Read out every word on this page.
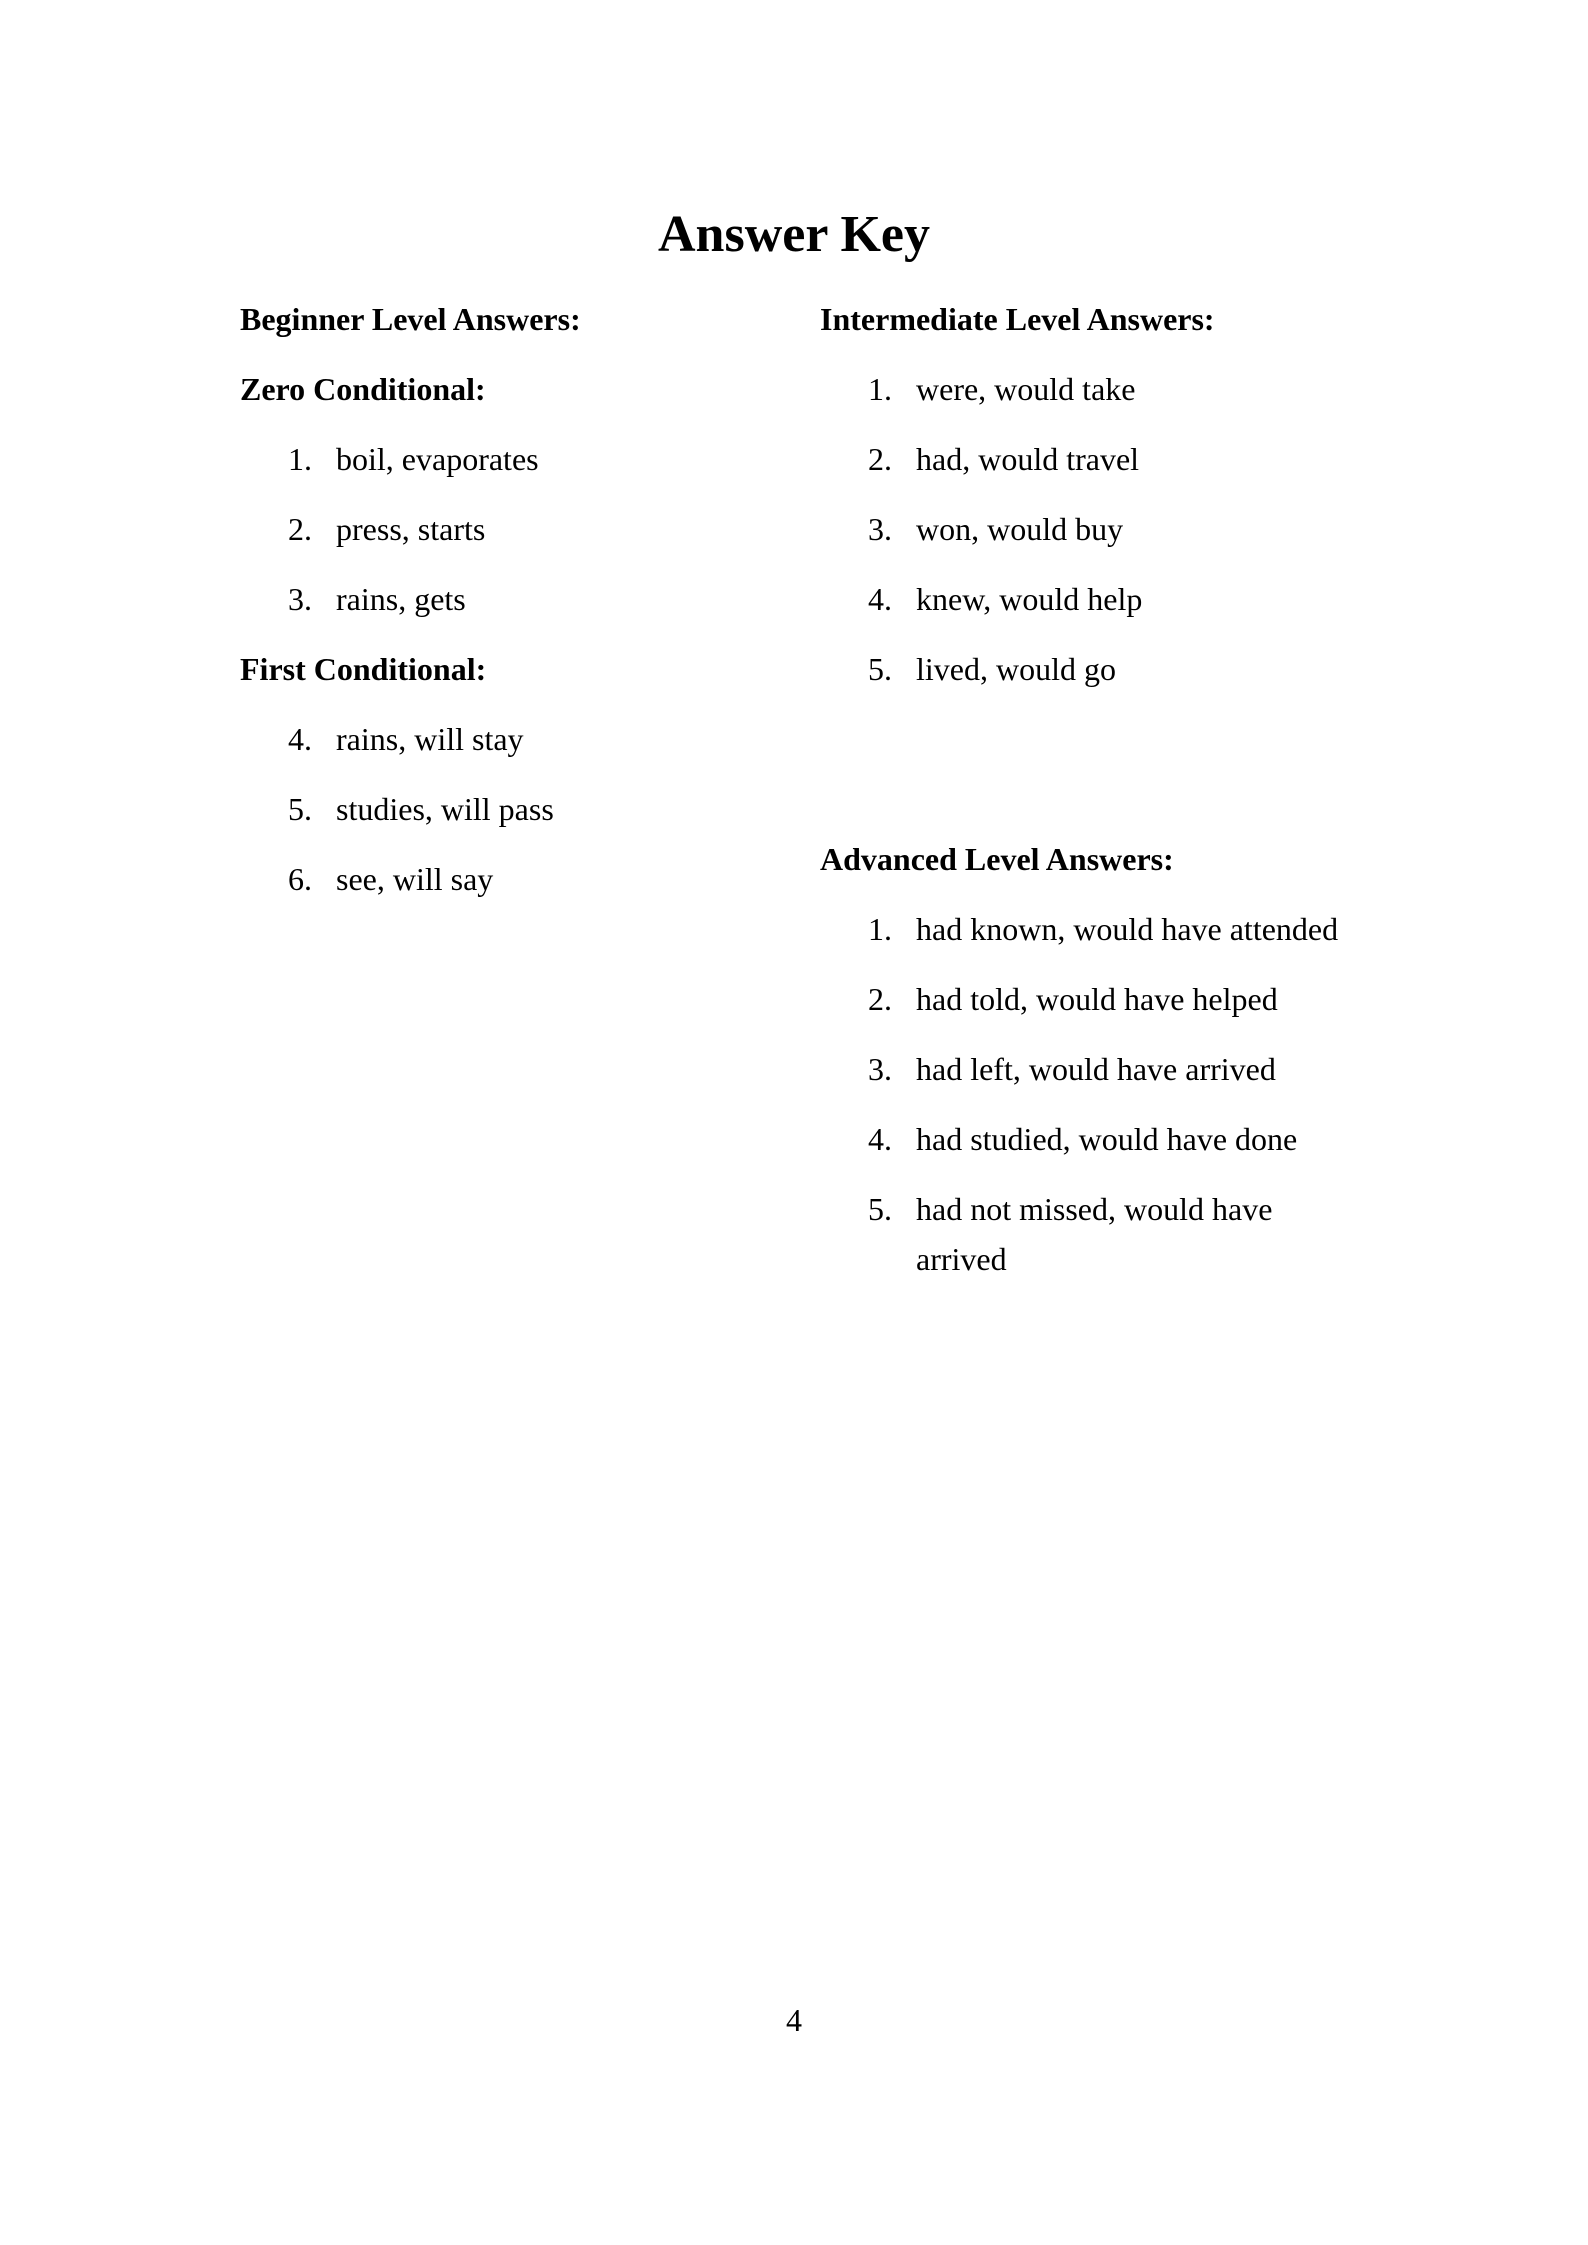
Answer Key

Beginner Level Answers:

Zero Conditional:

1. boil, evaporates
2. press, starts
3. rains, gets

First Conditional:

4. rains, will stay
5. studies, will pass
6. see, will say

Intermediate Level Answers:

1. were, would take
2. had, would travel
3. won, would buy
4. knew, would help
5. lived, would go

Advanced Level Answers:

1. had known, would have attended
2. had told, would have helped
3. had left, would have arrived
4. had studied, would have done
5. had not missed, would have arrived
4
